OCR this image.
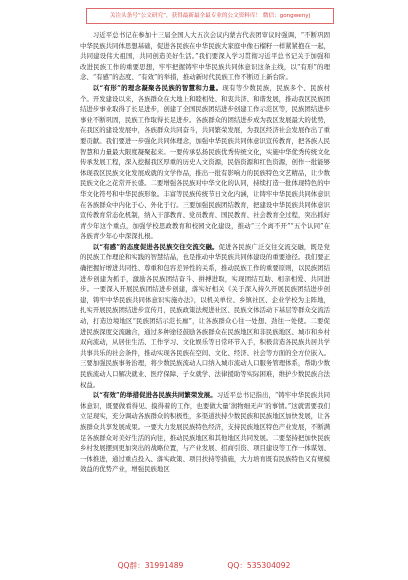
关注头条号“公文研究”，获得最新最全最专业的公文资料库！ 微信：gongwenyj

习近平总书记在参加十三届全国人大五次会议内蒙古代表团审议时强调，“不断巩固中华民族共同体思想基础，促进各民族在中华民族大家庭中像石榴籽一样紧紧抱在一起，共同建设伟大祖国，共同创造美好生活。”我们要深入学习贯彻习近平总书记关于加强和改进民族工作的重要思想，牢牢把握铸牢中华民族共同体意识这条主线，以“有形”的理念、“有感”的态度、“有效”的举措，推动新时代民族工作不断迈上新台阶。

以“有形”的理念凝聚各民族的智慧和力量。现有等少数民族，民族多个、民族村个。开发建设以来，各族群众在大地上和睦相处、和衷共济、和谐发展，推动我区民族团结进步事业取得了长足进步，创建了全国民族团结进步创建工作示范区等，民族团结进步事业不断巩固，民族工作取得长足进步。各族群众的团结进步成为我区发展最大的优势，在我区的建设发展中，各族群众共同奋斗，共同繁荣发展，为我区经济社会发展作出了重要贡献。我们要进一步强化共同体理念，加强中华民族共同体意识宣传教育，把各族人民智慧和力量最大限度凝聚起来。一要传承弘扬民族优秀传统文化，实施中华优秀传统文化传承发展工程，深入挖掘我区厚重的历史人文资源，民俗资源和红色资源，创作一批能够体现我区民族文化发展成就的文学作品，推出一批有影响力的民族特色文艺精品，让少数民族文化之花常开长盛。二要增强各民族对中华文化的认同，持续打造一批体现特色的中华文化符号和中华民族形象。丰富等民族传统节日文化内涵，让铸牢中华民族共同体意识在各族群众中内化于心、外化于行。三要加强民族团结教育，把建设中华民族共同体意识宣传教育常态化机制，纳入干部教育、党员教育、国民教育、社会教育全过程，突出抓好青少年这个重点，加强学校思政教育和校园文化建设，推动“三个离不开”“五个认同”在各族青少年心中深深扎根。

以“有感”的态度促进各民族交往交流交融。促进各民族广泛交往交流交融，既是党的民族工作理论和实践的智慧结晶，也是推动中华民族共同体建设的重要途径。我们要正确把握好增进共同性、尊重和包容差异性的关系，推动民族工作的重要原则，以民族团结进步创建为抓手，激励各民族团结奋斗、拼搏进取，实现团结互助、相亲相爱、共同进步。一要深入开展民族团结进步创建，落实好相关《关于深入持久开展民族团结进步创建，铸牢中华民族共同体意识实施办法》，以机关单位、乡镇社区、企业学校为主阵地，扎实开展民族团结进步宣传月，民族政策法规进社区、民族文体活动下基层等群众交流活动，打造边境地区“民族团结示范长廊”，让各族群众心往一处想、劲往一处使。二要促进民族深度交流融合，通过多种途径鼓励各族群众在民族地区和非民族地区、城市和乡村双向流动，从居住生活、工作学习、文化娱乐等日常环节入手，积极营造各民族共居共学共事共乐的社会条件，推动实现各民族在空间、文化、经济、社会等方面的全方位嵌入。三要加强民族事务治理，将少数民族流动人口纳入城市流动人口服务管理体系，帮助少数民族流动人口解决就业、医疗保障、子女就学、法律援助等实际困难，维护少数民族合法权益。

以“有效”的举措促进各民族共同繁荣发展。习近平总书记指出，“铸牢中华民族共同体意识，既要做看得见、摸得着的工作，也要做大量‘润物细无声’的事情。”这就需要我们立足现实，充分调动各族群众的积极性，多渠道扶持少数民族和民族地区加快发展，让各族群众共享发展成果。一要大力发展民族特色经济，支持民族地区特色产业发展，不断满足各族群众对美好生活的向往，推动民族地区和其他地区共同发展。二要坚持把加快民族乡村发展摆到更加突出的战略位置，与产业发展、招商引资、项目建设等工作一体谋划、一体推进，通过重点投入、落实政策、项目扶持等措施，大力培育既有民族特色又有规模效益的优势产业，增强民族地区

QQ群：31991489	QQ：535304092
